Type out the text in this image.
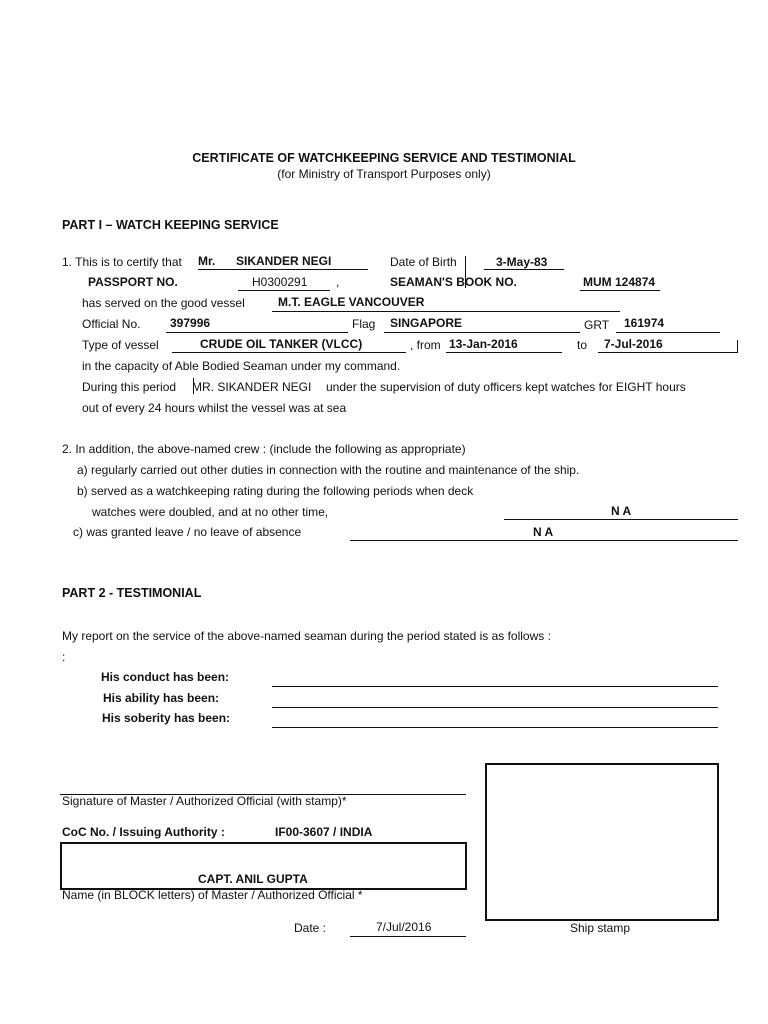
CERTIFICATE OF WATCHKEEPING SERVICE AND TESTIMONIAL
(for Ministry of Transport Purposes only)
PART I – WATCH KEEPING SERVICE
1. This is to certify that Mr. SIKANDER NEGI	Date of Birth	3-May-83
PASSPORT NO.	H0300291 ,	SEAMAN'S BOOK NO.	MUM 124874
has served on the good vessel	M.T. EAGLE VANCOUVER
Official No. 397996	Flag SINGAPORE	GRT 161974
Type of vessel	CRUDE OIL TANKER (VLCC)	, from 13-Jan-2016	to 7-Jul-2016
in the capacity of Able Bodied Seaman under my command.
During this period MR. SIKANDER NEGI under the supervision of duty officers kept watches for EIGHT hours
out of every 24 hours whilst the vessel was at sea
2. In addition, the above-named crew : (include the following as appropriate)
a) regularly carried out other duties in connection with the routine and maintenance of the ship.
b) served as a watchkeeping rating during the following periods when deck
watches were doubled, and at no other time,	N A
c) was granted leave / no leave of absence	N A
PART 2 - TESTIMONIAL
My report on the service of the above-named seaman during the period stated is as follows :
:
His conduct has been:
His ability has been:
His soberity has been:
Signature of Master / Authorized Official (with stamp)*
CoC No. / Issuing Authority :	IF00-3607 / INDIA
CAPT. ANIL GUPTA
Name (in BLOCK letters) of Master / Authorized Official *
Date :	7/Jul/2016	Ship stamp
